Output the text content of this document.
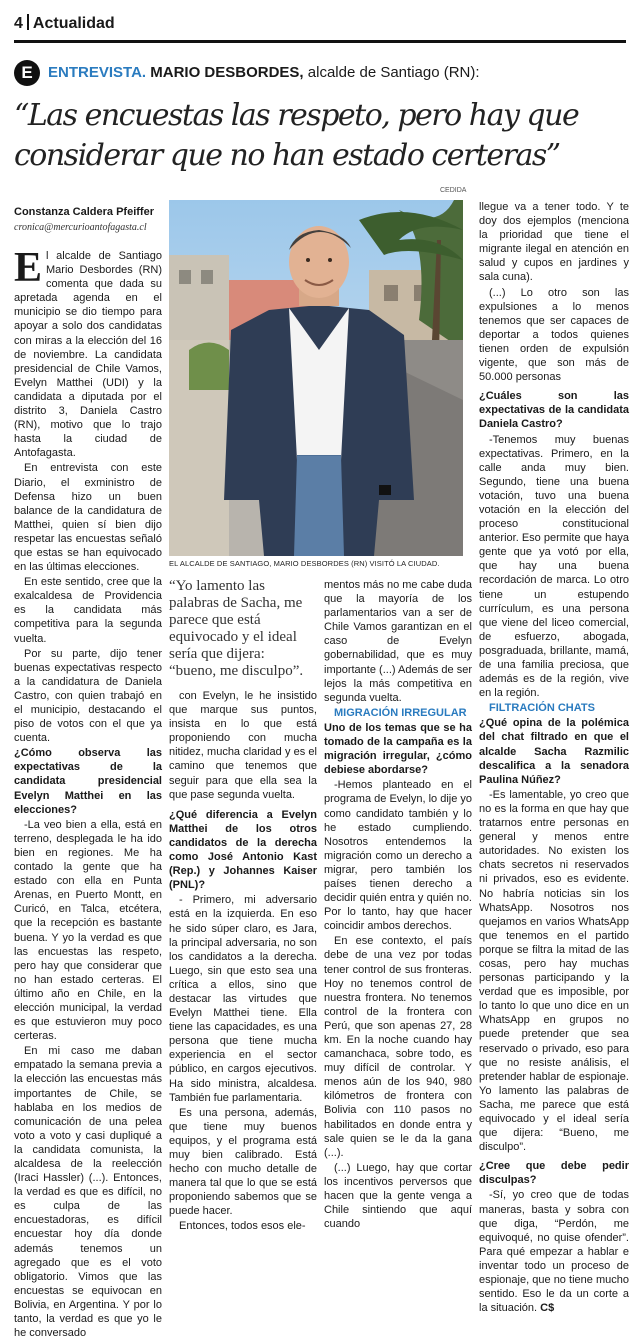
4 Actualidad
E	ENTREVISTA. MARIO DESBORDES, alcalde de Santiago (RN):
“Las encuestas las respeto, pero hay que considerar que no han estado certeras”
CEDIDA
Constanza Caldera Pfeiffer
cronica@mercurioantofagasta.cl

El alcalde de Santiago Mario Desbordes (RN) comenta que dada su apretada agenda en el municipio se dio tiempo para apoyar a solo dos candidatas con miras a la elección del 16 de noviembre. La candidata presidencial de Chile Vamos, Evelyn Matthei (UDI) y la candidata a diputada por el distrito 3, Daniela Castro (RN), motivo que lo trajo hasta la ciudad de Antofagasta.

En entrevista con este Diario, el exministro de Defensa hizo un buen balance de la candidatura de Matthei, quien sí bien dijo respetar las encuestas señaló que estas se han equivocado en las últimas elecciones.

En este sentido, cree que la exalcaldesa de Providencia es la candidata más competitiva para la segunda vuelta.

Por su parte, dijo tener buenas expectativas respecto a la candidatura de Daniela Castro, con quien trabajó en el municipio, destacando el piso de votos con el que ya cuenta.

¿Cómo observa las expectativas de la candidata presidencial Evelyn Matthei en las elecciones?

-La veo bien a ella, está en terreno, desplegada le ha ido bien en regiones. Me ha contado la gente que ha estado con ella en Punta Arenas, en Puerto Montt, en Curicó, en Talca, etcétera, que la recepción es bastante buena. Y yo la verdad es que las encuestas las respeto, pero hay que considerar que no han estado certeras. El último año en Chile, en la elección municipal, la verdad es que estuvieron muy poco certeras.

En mi caso me daban empatado la semana previa a la elección las encuestas más importantes de Chile, se hablaba en los medios de comunicación de una pelea voto a voto y casi dupliqué a la candidata comunista, la alcaldesa de la reelección (Iraci Hassler) (...). Entonces, la verdad es que es difícil, no es culpa de las encuestadoras, es difícil encuestar hoy día donde además tenemos un agregado que es el voto obligatorio. Vimos que las encuestas se equivocan en Bolivia, en Argentina. Y por lo tanto, la verdad es que yo le he conversado

EL ALCALDE DE SANTIAGO, MARIO DESBORDES (RN) VISITÓ LA CIUDAD.
“Yo lamento las palabras de Sacha, me parece que está equivocado y el ideal sería que dijera: “bueno, me disculpo”.

con Evelyn, le he insistido que marque sus puntos, insista en lo que está proponiendo con mucha nitidez, mucha claridad y es el camino que tenemos que seguir para que ella sea la que pase segunda vuelta.

¿Qué diferencia a Evelyn Matthei de los otros candidatos de la derecha como José Antonio Kast (Rep.) y Johannes Kaiser (PNL)?

- Primero, mi adversario está en la izquierda. En eso he sido súper claro, es Jara, la principal adversaria, no son los candidatos a la derecha. Luego, sin que esto sea una crítica a ellos, sino que destacar las virtudes que Evelyn Matthei tiene. Ella tiene las capacidades, es una persona que tiene mucha experiencia en el sector público, en cargos ejecutivos. Ha sido ministra, alcaldesa. También fue parlamentaria.

Es una persona, además, que tiene muy buenos equipos, y el programa está muy bien calibrado. Está hecho con mucho detalle de manera tal que lo que se está proponiendo sabemos que se puede hacer.

Entonces, todos esos ele-

mentos más no me cabe duda que la mayoría de los parlamentarios van a ser de Chile Vamos garantizan en el caso de Evelyn gobernabilidad, que es muy importante (...) Además de ser lejos la más competitiva en segunda vuelta.

MIGRACIÓN IRREGULAR

Uno de los temas que se ha tomado de la campaña es la migración irregular, ¿cómo debiese abordarse?

-Hemos planteado en el programa de Evelyn, lo dije yo como candidato también y lo he estado cumpliendo. Nosotros entendemos la migración como un derecho a migrar, pero también los países tienen derecho a decidir quién entra y quién no. Por lo tanto, hay que hacer coincidir ambos derechos.

En ese contexto, el país debe de una vez por todas tener control de sus fronteras. Hoy no tenemos control de nuestra frontera. No tenemos control de la frontera con Perú, que son apenas 27, 28 km. En la noche cuando hay camanchaca, sobre todo, es muy difícil de controlar. Y menos aún de los 940, 980 kilómetros de frontera con Bolivia con 110 pasos no habilitados en donde entra y sale quien se le da la gana (...).

(...) Luego, hay que cortar los incentivos perversos que hacen que la gente venga a Chile sintiendo que aquí cuando

llegue va a tener todo. Y te doy dos ejemplos (menciona la prioridad que tiene el migrante ilegal en atención en salud y cupos en jardines y sala cuna).

(...) Lo otro son las expulsiones a lo menos tenemos que ser capaces de deportar a todos quienes tienen orden de expulsión vigente, que son más de 50.000 personas

¿Cuáles son las expectativas de la candidata Daniela Castro?

-Tenemos muy buenas expectativas. Primero, en la calle anda muy bien. Segundo, tiene una buena votación, tuvo una buena votación en la elección del proceso constitucional anterior. Eso permite que haya gente que ya votó por ella, que hay una buena recordación de marca. Lo otro tiene un estupendo currículum, es una persona que viene del liceo comercial, de esfuerzo, abogada, posgraduada, brillante, mamá, de una familia preciosa, que además es de la región, vive en la región.

FILTRACIÓN CHATS

¿Qué opina de la polémica del chat filtrado en que el alcalde Sacha Razmilic descalifica a la senadora Paulina Núñez?

-Es lamentable, yo creo que no es la forma en que hay que tratarnos entre personas en general y menos entre autoridades. No existen los chats secretos ni reservados ni privados, eso es evidente. No habría noticias sin los WhatsApp. Nosotros nos quejamos en varios WhatsApp que tenemos en el partido porque se filtra la mitad de las cosas, pero hay muchas personas participando y la verdad que es imposible, por lo tanto lo que uno dice en un WhatsApp en grupos no puede pretender que sea reservado o privado, eso para que no resiste análisis, el pretender hablar de espionaje. Yo lamento las palabras de Sacha, me parece que está equivocado y el ideal sería que dijera: “Bueno, me disculpo”.

¿Cree que debe pedir disculpas?

-Sí, yo creo que de todas maneras, basta y sobra con que diga, “Perdón, me equivoqué, no quise ofender”. Para qué empezar a hablar e inventar todo un proceso de espionaje, que no tiene mucho sentido. Eso le da un corte a la situación. C$
